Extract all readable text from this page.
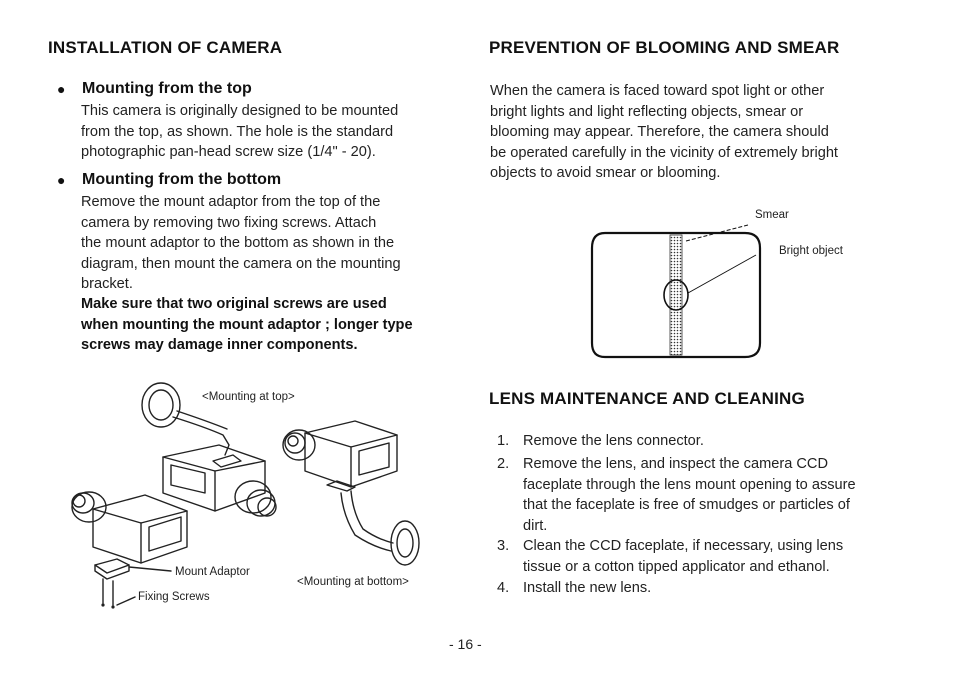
INSTALLATION OF CAMERA
● Mounting from the top
This camera is originally designed to be mounted
from the top, as shown. The hole is the standard
photographic pan-head screw size (1/4" - 20).
● Mounting from the bottom
Remove the mount adaptor from the top of the
camera by removing two fixing screws. Attach
the mount adaptor to the bottom as shown in the
diagram, then mount the camera on the mounting
bracket.
Make sure that two original screws are used
when mounting the mount adaptor ; longer type
screws may damage inner components.
<Mounting at top>
Mount Adaptor
<Mounting at bottom>
Fixing Screws
PREVENTION OF BLOOMING AND SMEAR
When the camera is faced toward spot light or other
bright lights and light reflecting objects, smear or
blooming may appear. Therefore, the camera should
be operated carefully in the vicinity of extremely bright
objects to avoid smear or blooming.
Smear
Bright object
LENS MAINTENANCE AND CLEANING
1. Remove the lens connector.
2. Remove the lens, and inspect the camera CCD
faceplate through the lens mount opening to assure
that the faceplate is free of smudges or particles of
dirt.
3. Clean the CCD faceplate, if necessary, using lens
tissue or a cotton tipped applicator and ethanol.
4. Install the new lens.
- 16 -
